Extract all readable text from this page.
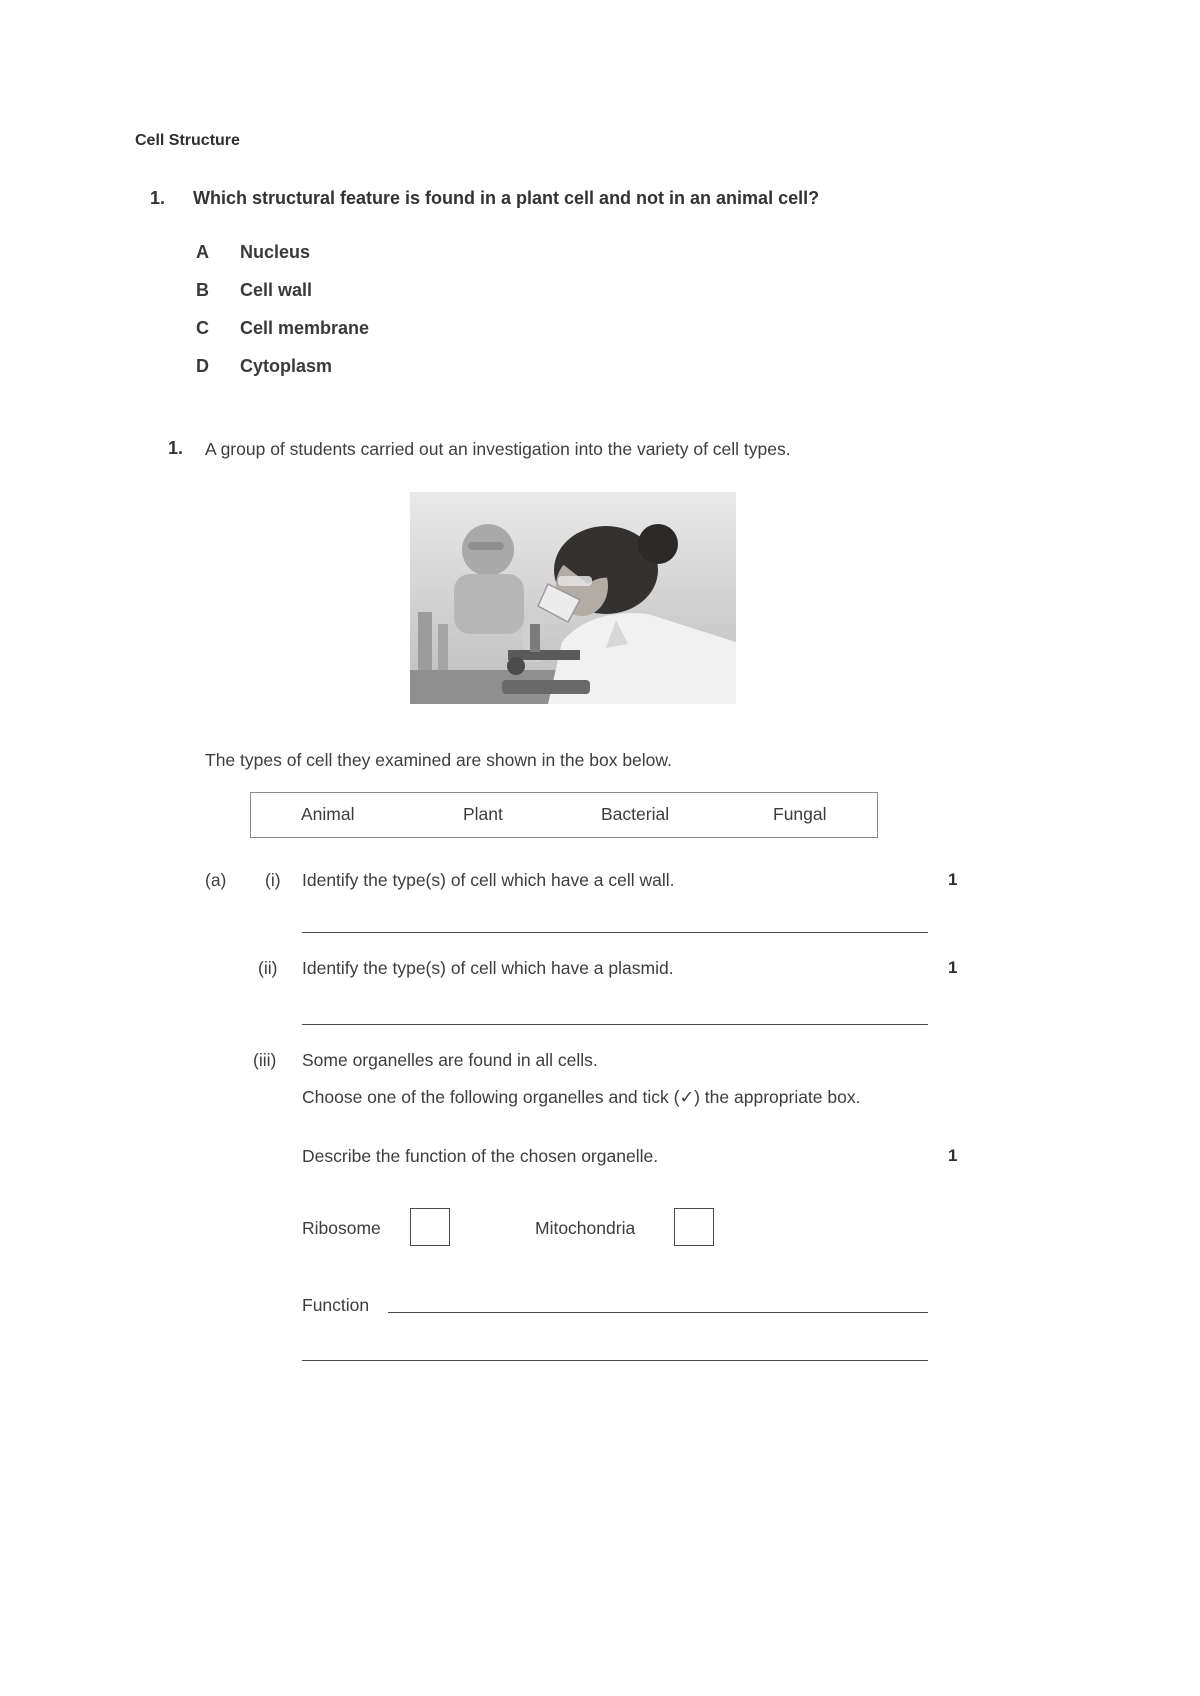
Cell Structure
1. Which structural feature is found in a plant cell and not in an animal cell?
A Nucleus
B Cell wall
C Cell membrane
D Cytoplasm
1. A group of students carried out an investigation into the variety of cell types.
The types of cell they examined are shown in the box below.
Animal	Plant	Bacterial	Fungal
(a) (i) Identify the type(s) of cell which have a cell wall.	1
(ii) Identify the type(s) of cell which have a plasmid.	1
(iii) Some organelles are found in all cells.
Choose one of the following organelles and tick (✓) the appropriate box.
Describe the function of the chosen organelle.	1
Ribosome	Mitochondria
Function
